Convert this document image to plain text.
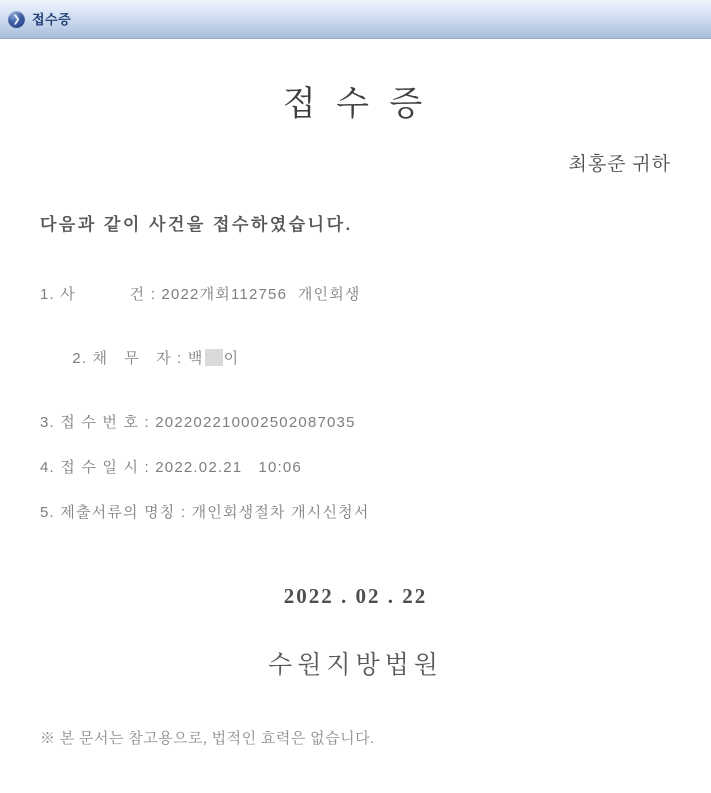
❯ 접수증
접 수 증
최홍준 귀하
다음과 같이 사건을 접수하였습니다.
1. 사          건 : 2022개회112756  개인회생

2. 채   무   자 : 백 이

3. 접 수 번 호 : 202202210002502087035
4. 접 수 일 시 : 2022.02.21   10:06
5. 제출서류의 명칭 : 개인회생절차 개시신청서
2022 . 02 . 22
수원지방법원
※ 본 문서는 참고용으로, 법적인 효력은 없습니다.
